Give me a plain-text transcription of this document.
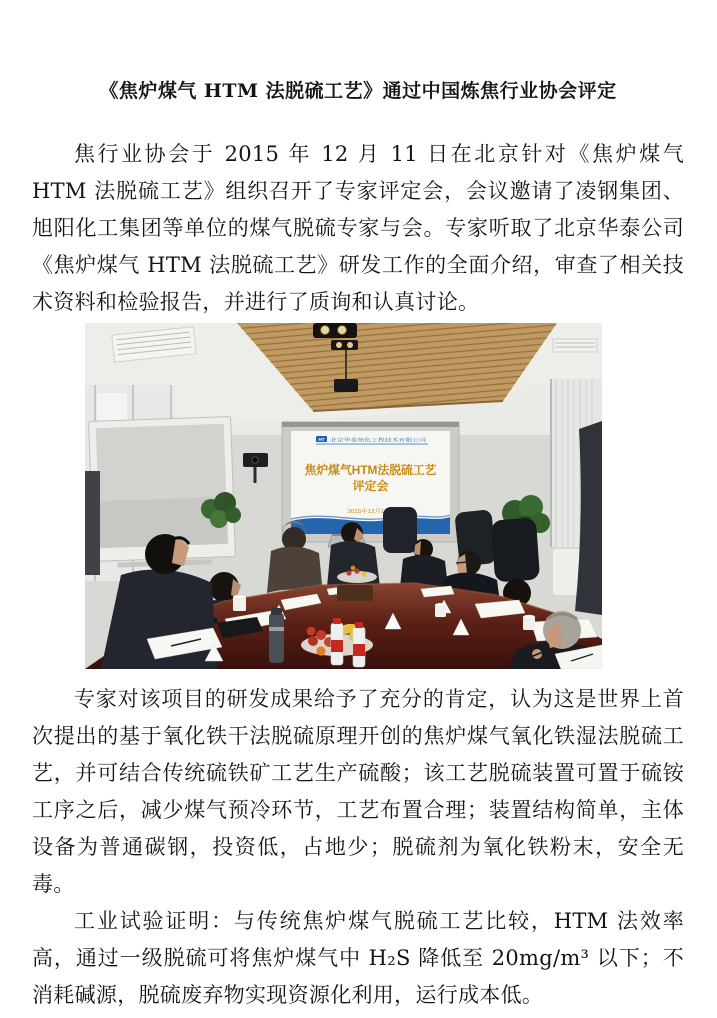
《焦炉煤气 HTM 法脱硫工艺》通过中国炼焦行业协会评定

焦行业协会于 2015 年 12 月 11 日在北京针对《焦炉煤气 HTM 法脱硫工艺》组织召开了专家评定会，会议邀请了凌钢集团、旭阳化工集团等单位的煤气脱硫专家与会。专家听取了北京华泰公司《焦炉煤气 HTM 法脱硫工艺》研发工作的全面介绍，审查了相关技术资料和检验报告，并进行了质询和认真讨论。

HT 北京华泰焦化工程技术有限公司
焦炉煤气HTM法脱硫工艺
评定会
2015年12月11日

专家对该项目的研发成果给予了充分的肯定，认为这是世界上首次提出的基于氧化铁干法脱硫原理开创的焦炉煤气氧化铁湿法脱硫工艺，并可结合传统硫铁矿工艺生产硫酸；该工艺脱硫装置可置于硫铵工序之后，减少煤气预冷环节，工艺布置合理；装置结构简单，主体设备为普通碳钢，投资低，占地少；脱硫剂为氧化铁粉末，安全无毒。

工业试验证明：与传统焦炉煤气脱硫工艺比较，HTM 法效率高，通过一级脱硫可将焦炉煤气中 H₂S 降低至 20mg/m³ 以下；不消耗碱源，脱硫废弃物实现资源化利用，运行成本低。
